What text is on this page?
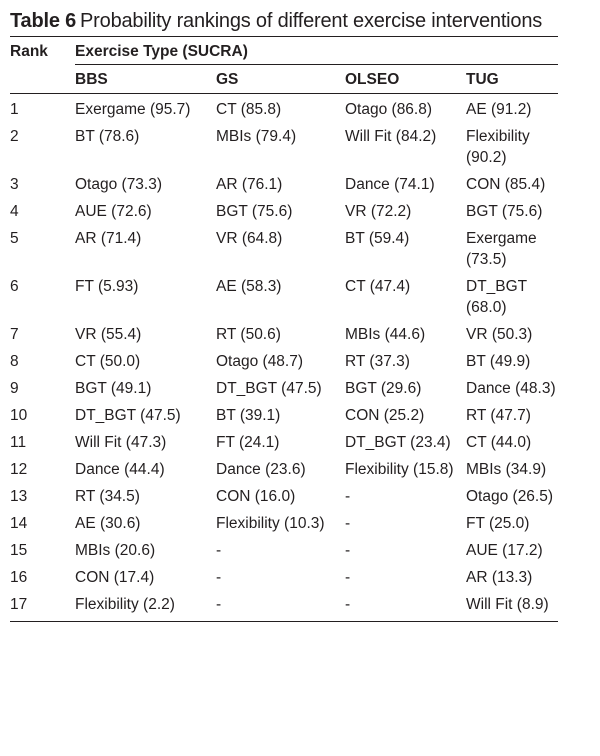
Table 6 Probability rankings of different exercise interventions
Rank	Exercise Type (SUCRA)			
	BBS	GS	OLSEO	TUG
1	Exergame (95.7)	CT (85.8)	Otago (86.8)	AE (91.2)
2	BT (78.6)	MBIs (79.4)	Will Fit (84.2)	Flexibility (90.2)
3	Otago (73.3)	AR (76.1)	Dance (74.1)	CON (85.4)
4	AUE (72.6)	BGT (75.6)	VR (72.2)	BGT (75.6)
5	AR (71.4)	VR (64.8)	BT (59.4)	Exergame (73.5)
6	FT (5.93)	AE (58.3)	CT (47.4)	DT_BGT (68.0)
7	VR (55.4)	RT (50.6)	MBIs (44.6)	VR (50.3)
8	CT (50.0)	Otago (48.7)	RT (37.3)	BT (49.9)
9	BGT (49.1)	DT_BGT (47.5)	BGT (29.6)	Dance (48.3)
10	DT_BGT (47.5)	BT (39.1)	CON (25.2)	RT (47.7)
11	Will Fit (47.3)	FT (24.1)	DT_BGT (23.4)	CT (44.0)
12	Dance (44.4)	Dance (23.6)	Flexibility (15.8)	MBIs (34.9)
13	RT (34.5)	CON (16.0)	-	Otago (26.5)
14	AE (30.6)	Flexibility (10.3)	-	FT (25.0)
15	MBIs (20.6)	-	-	AUE (17.2)
16	CON (17.4)	-	-	AR (13.3)
17	Flexibility (2.2)	-	-	Will Fit (8.9)
